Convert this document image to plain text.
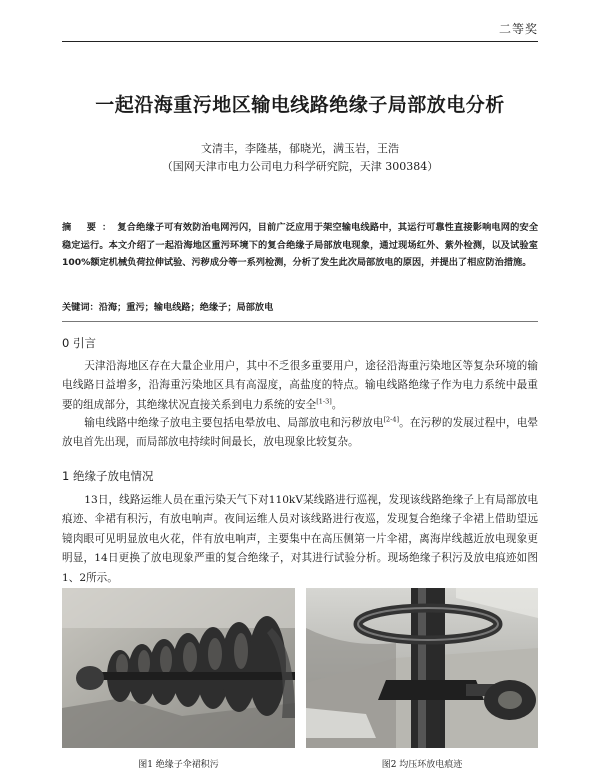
二等奖
一起沿海重污地区输电线路绝缘子局部放电分析
文清丰，李隆基，郁晓光，满玉岩，王浩
（国网天津市电力公司电力科学研究院，天津 300384）
摘 要：复合绝缘子可有效防治电网污闪，目前广泛应用于架空输电线路中，其运行可靠性直接影响电网的安全稳定运行。本文介绍了一起沿海地区重污环境下的复合绝缘子局部放电现象，通过现场红外、紫外检测，以及试验室100%额定机械负荷拉伸试验、污秽成分等一系列检测，分析了发生此次局部放电的原因，并提出了相应防治措施。
关键词：沿海；重污；输电线路；绝缘子；局部放电
0 引言
天津沿海地区存在大量企业用户，其中不乏很多重要用户，途径沿海重污染地区等复杂环境的输电线路日益增多，沿海重污染地区具有高湿度，高盐度的特点。输电线路绝缘子作为电力系统中最重要的组成部分，其绝缘状况直接关系到电力系统的安全[1-3]。
输电线路中绝缘子放电主要包括电晕放电、局部放电和污秽放电[2-4]。在污秽的发展过程中，电晕放电首先出现，而局部放电持续时间最长，放电现象比较复杂。
1 绝缘子放电情况
13日，线路运维人员在重污染天气下对110kV某线路进行巡视，发现该线路绝缘子上有局部放电痕迹、伞裙有积污，有放电响声。夜间运维人员对该线路进行夜巡，发现复合绝缘子伞裙上借助望远镜肉眼可见明显放电火花，伴有放电响声，主要集中在高压侧第一片伞裙，离海岸线越近放电现象更明显，14日更换了放电现象严重的复合绝缘子，对其进行试验分析。现场绝缘子积污及放电痕迹如图1、2所示。
图1 绝缘子伞裙积污	图2 均压环放电痕迹
